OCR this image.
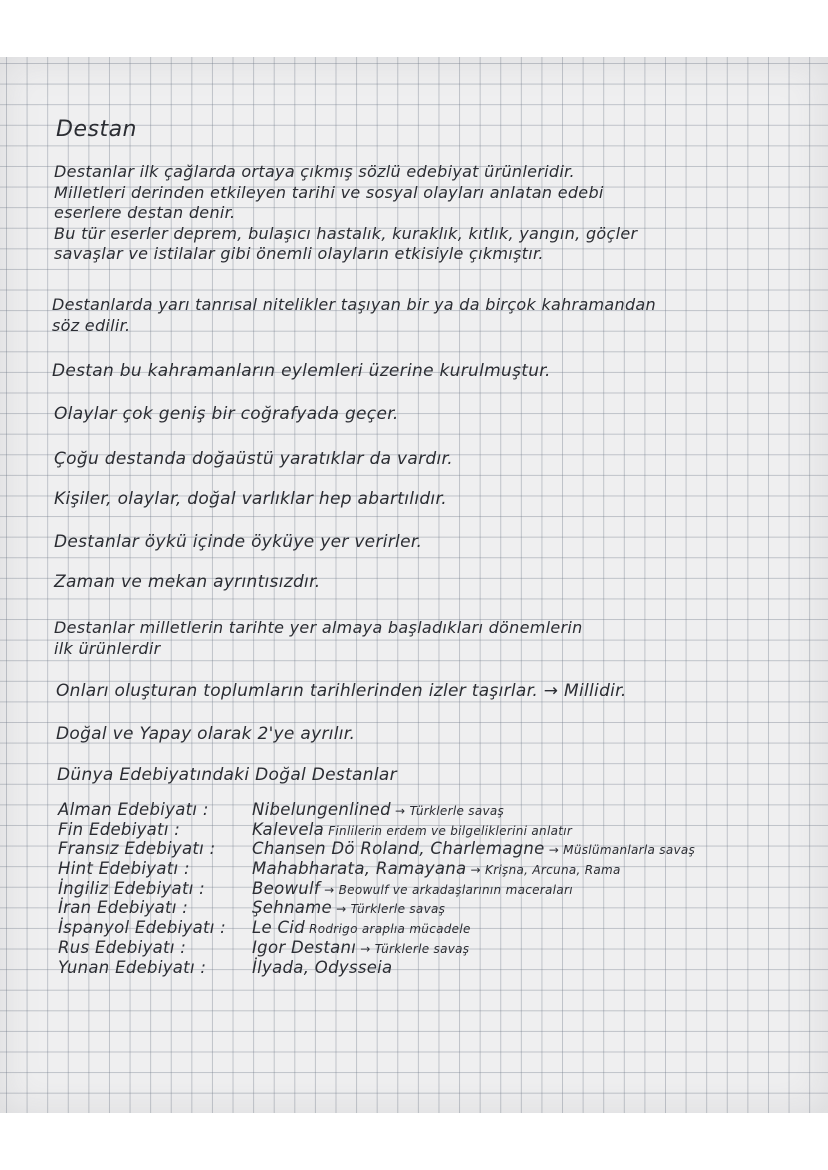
Destan
Destanlar ilk çağlarda ortaya çıkmış sözlü edebiyat ürünleridir.
Milletleri derinden etkileyen tarihi ve sosyal olayları anlatan edebi
eserlere destan denir.
Bu tür eserler deprem, bulaşıcı hastalık, kuraklık, kıtlık, yangın, göçler
savaşlar ve istilalar gibi önemli olayların etkisiyle çıkmıştır.
Destanlarda yarı tanrısal nitelikler taşıyan bir ya da birçok kahramandan
söz edilir.
Destan bu kahramanların eylemleri üzerine kurulmuştur.
Olaylar çok geniş bir coğrafyada geçer.
Çoğu destanda doğaüstü yaratıklar da vardır.
Kişiler, olaylar, doğal varlıklar hep abartılıdır.
Destanlar öykü içinde öyküye yer verirler.
Zaman ve mekan ayrıntısızdır.
Destanlar milletlerin tarihte yer almaya başladıkları dönemlerin
ilk ürünlerdir
Onları oluşturan toplumların tarihlerinden izler taşırlar. → Millidir.
Doğal ve Yapay olarak 2'ye ayrılır.
Dünya Edebiyatındaki Doğal Destanlar
Alman Edebiyatı :	Nibelungenlined → Türklerle savaş
Fin Edebiyatı :	Kalevela Finlilerin erdem ve bilgeliklerini anlatır
Fransız Edebiyatı : Chansen Dö Roland, Charlemagne → Müslümanlarla savaş
Hint Edebiyatı :	Mahabharata, Ramayana → Krişna, Arcuna, Rama
İngiliz Edebiyatı :	Beowulf → Beowulf ve arkadaşlarının maceraları
İran Edebiyatı :	Şehname → Türklerle savaş
İspanyol Edebiyatı : Le Cid Rodrigo araplıa mücadele
Rus Edebiyatı :	Igor Destanı → Türklerle savaş
Yunan Edebiyatı :	İlyada, Odysseia
